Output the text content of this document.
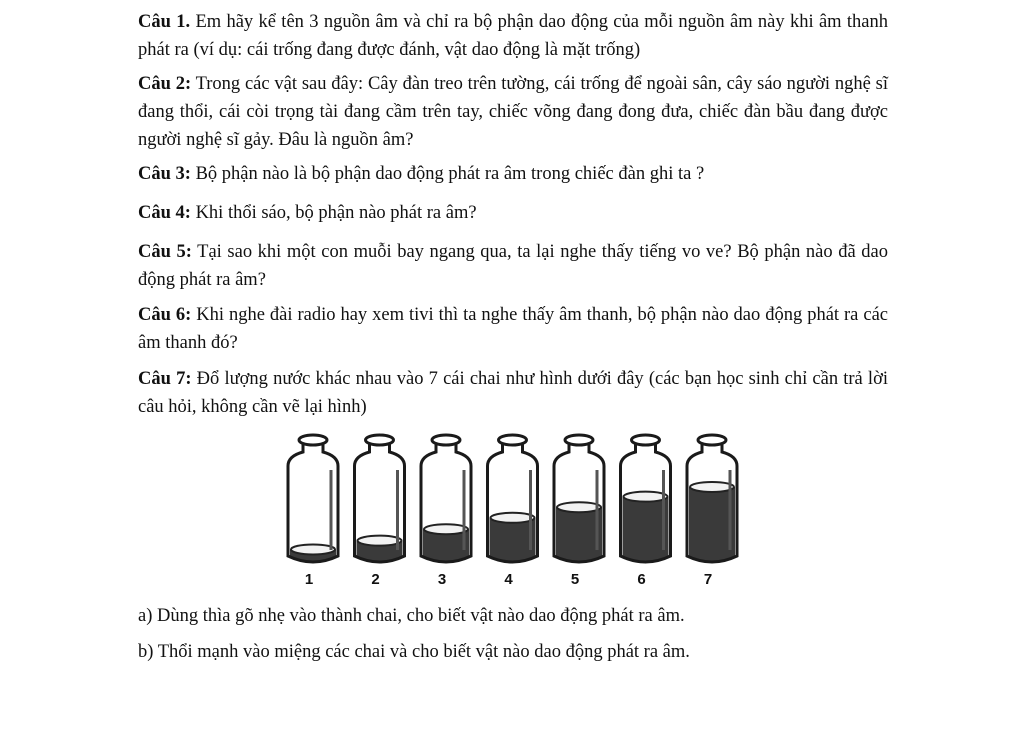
Câu 1. Em hãy kể tên 3 nguồn âm và chỉ ra bộ phận dao động của mỗi nguồn âm này khi âm thanh phát ra (ví dụ: cái trống đang được đánh, vật dao động là mặt trống)

Câu 2: Trong các vật sau đây: Cây đàn treo trên tường, cái trống để ngoài sân, cây sáo người nghệ sĩ đang thổi, cái còi trọng tài đang cầm trên tay, chiếc võng đang đong đưa, chiếc đàn bầu đang được người nghệ sĩ gảy. Đâu là nguồn âm?

Câu 3: Bộ phận nào là bộ phận dao động phát ra âm trong chiếc đàn ghi ta ?

Câu 4: Khi thổi sáo, bộ phận nào phát ra âm?

Câu 5: Tại sao khi một con muỗi bay ngang qua, ta lại nghe thấy tiếng vo ve? Bộ phận nào đã dao động phát ra âm?

Câu 6: Khi nghe đài radio hay xem tivi thì ta nghe thấy âm thanh, bộ phận nào dao động phát ra các âm thanh đó?

Câu 7: Đổ lượng nước khác nhau vào 7 cái chai như hình dưới đây (các bạn học sinh chỉ cần trả lời câu hỏi, không cần vẽ lại hình)

1	2	3	4	5	6	7

a) Dùng thìa gõ nhẹ vào thành chai, cho biết vật nào dao động phát ra âm.

b) Thổi mạnh vào miệng các chai và cho biết vật nào dao động phát ra âm.
